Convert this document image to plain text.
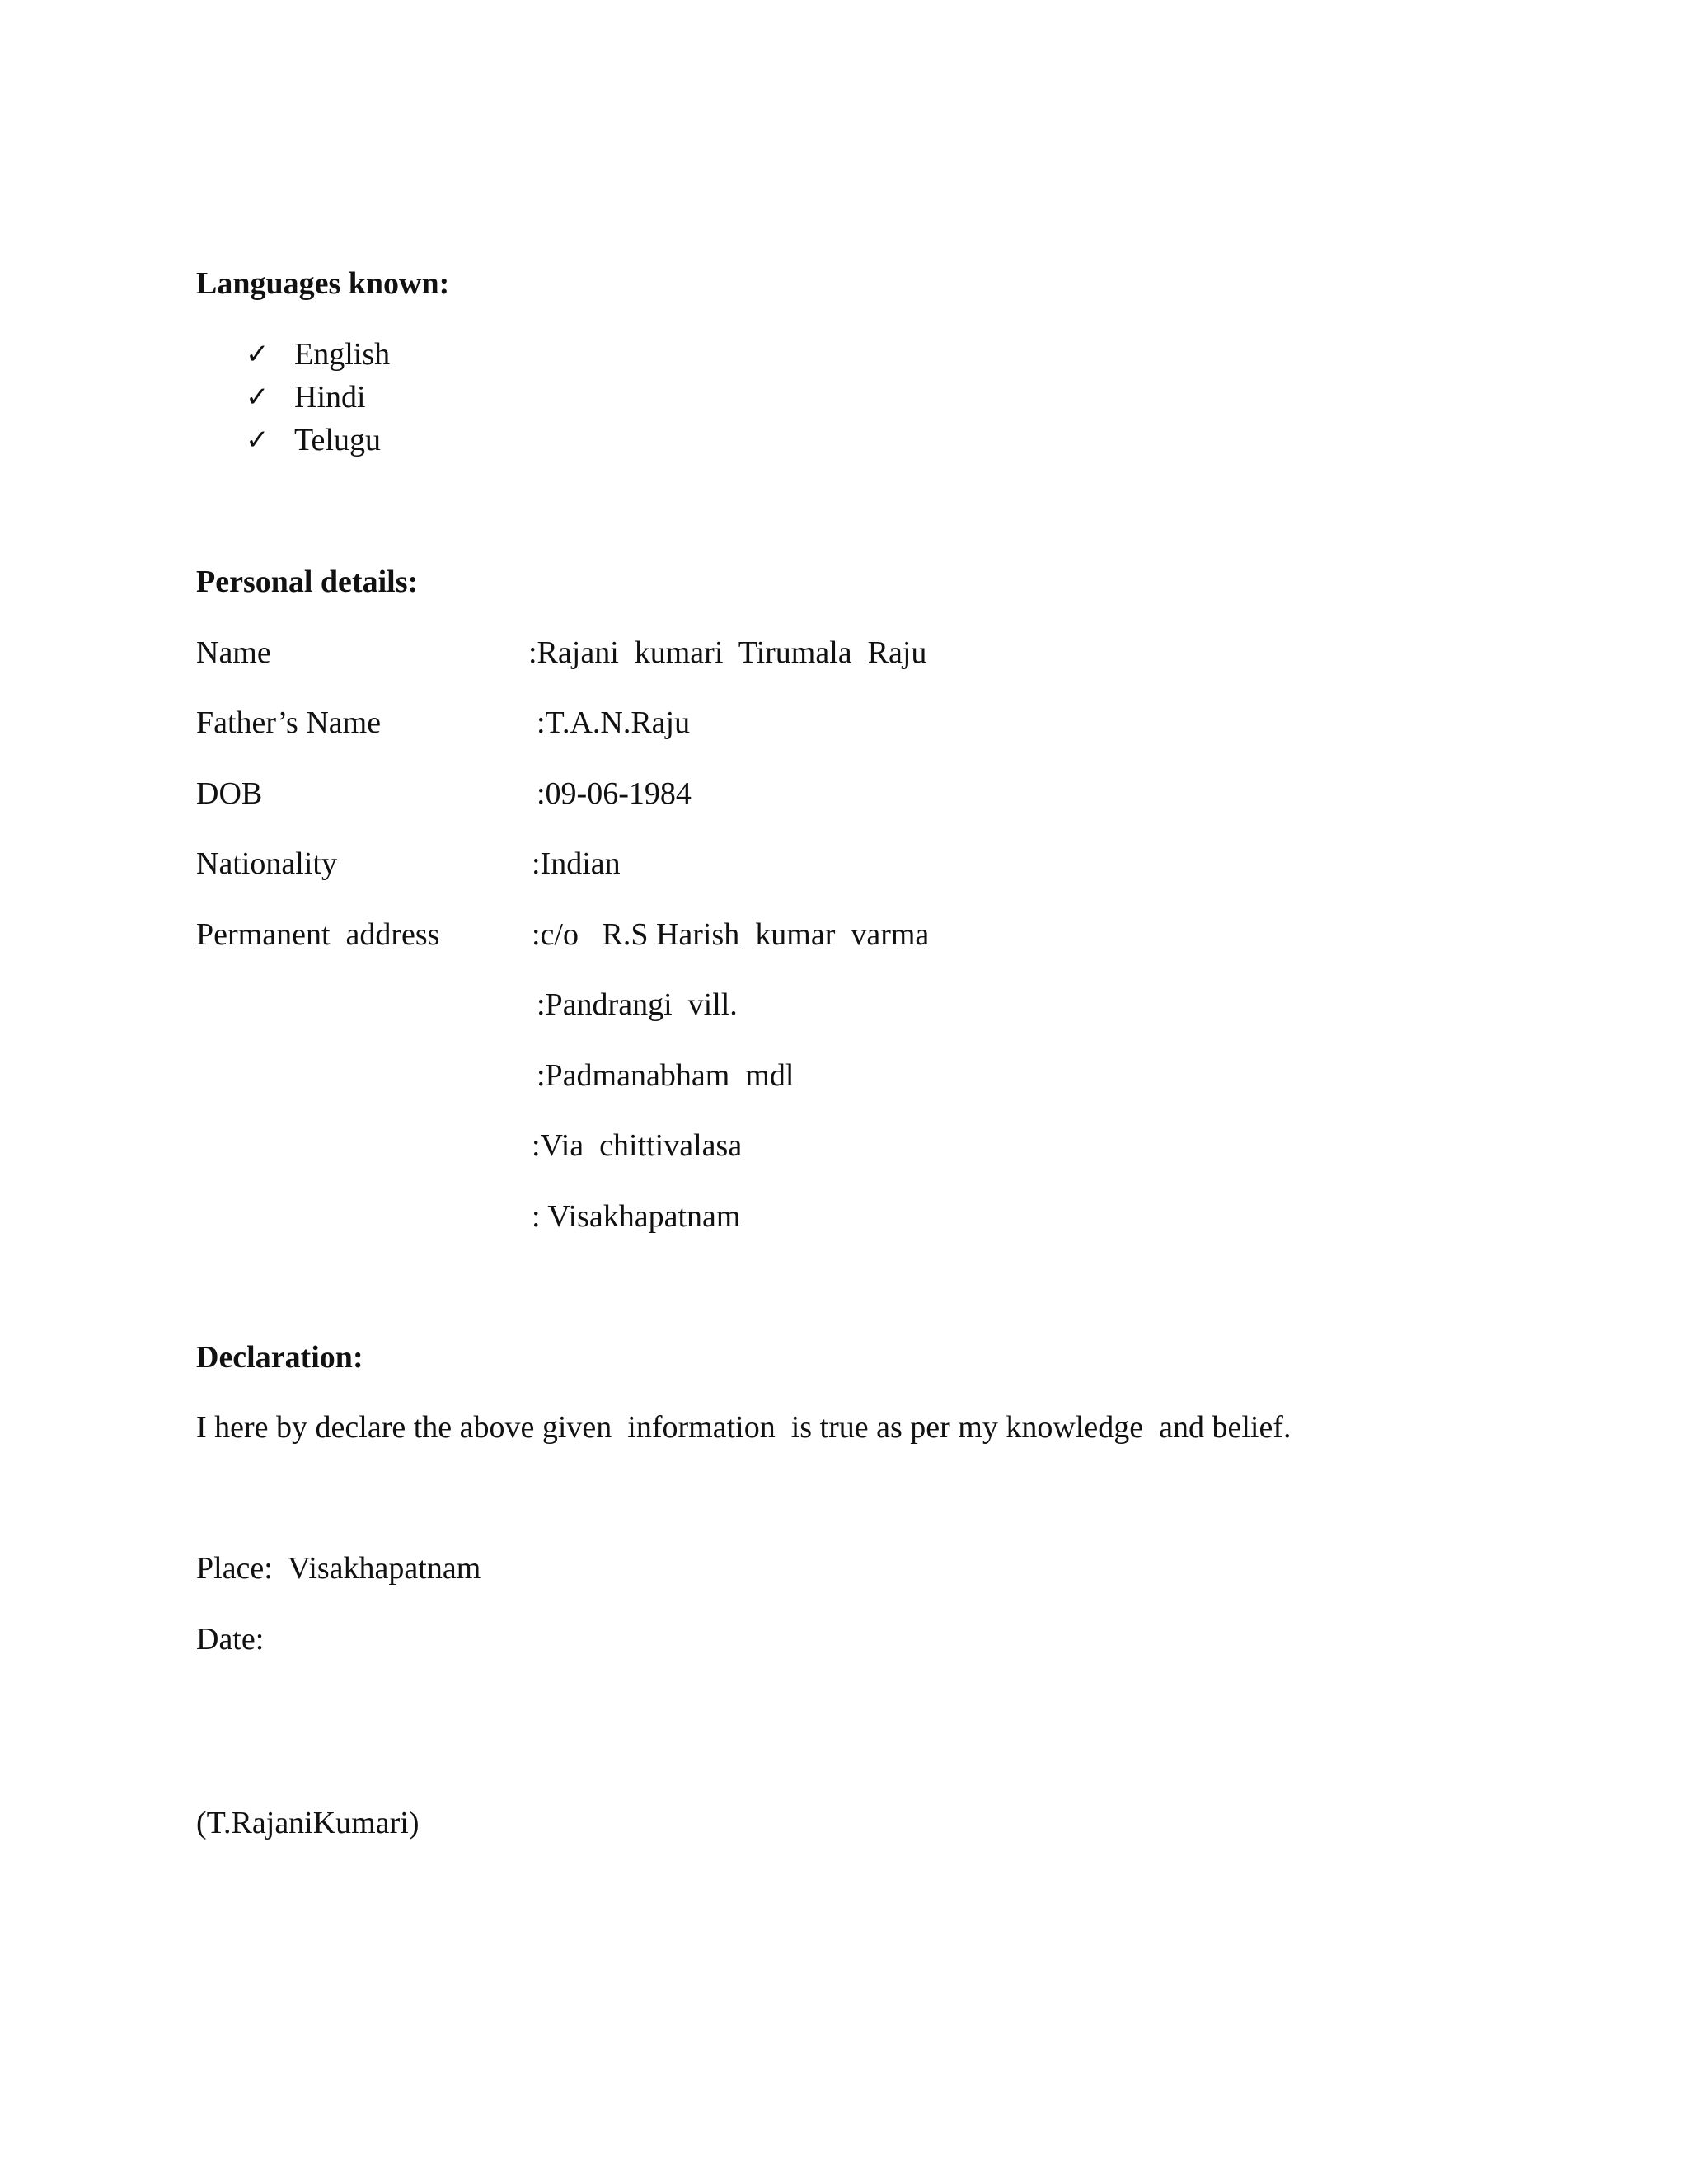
Languages known:
✓ English
✓ Hindi
✓ Telugu
Personal details:
Name	:Rajani  kumari  Tirumala  Raju
Father’s Name	:T.A.N.Raju
DOB	:09-06-1984
Nationality	:Indian
Permanent  address	:c/o   R.S Harish  kumar  varma
:Pandrangi  vill.
:Padmanabham  mdl
:Via  chittivalasa
: Visakhapatnam
Declaration:
I here by declare the above given  information  is true as per my knowledge  and belief.
Place:  Visakhapatnam
Date:
(T.RajaniKumari)
